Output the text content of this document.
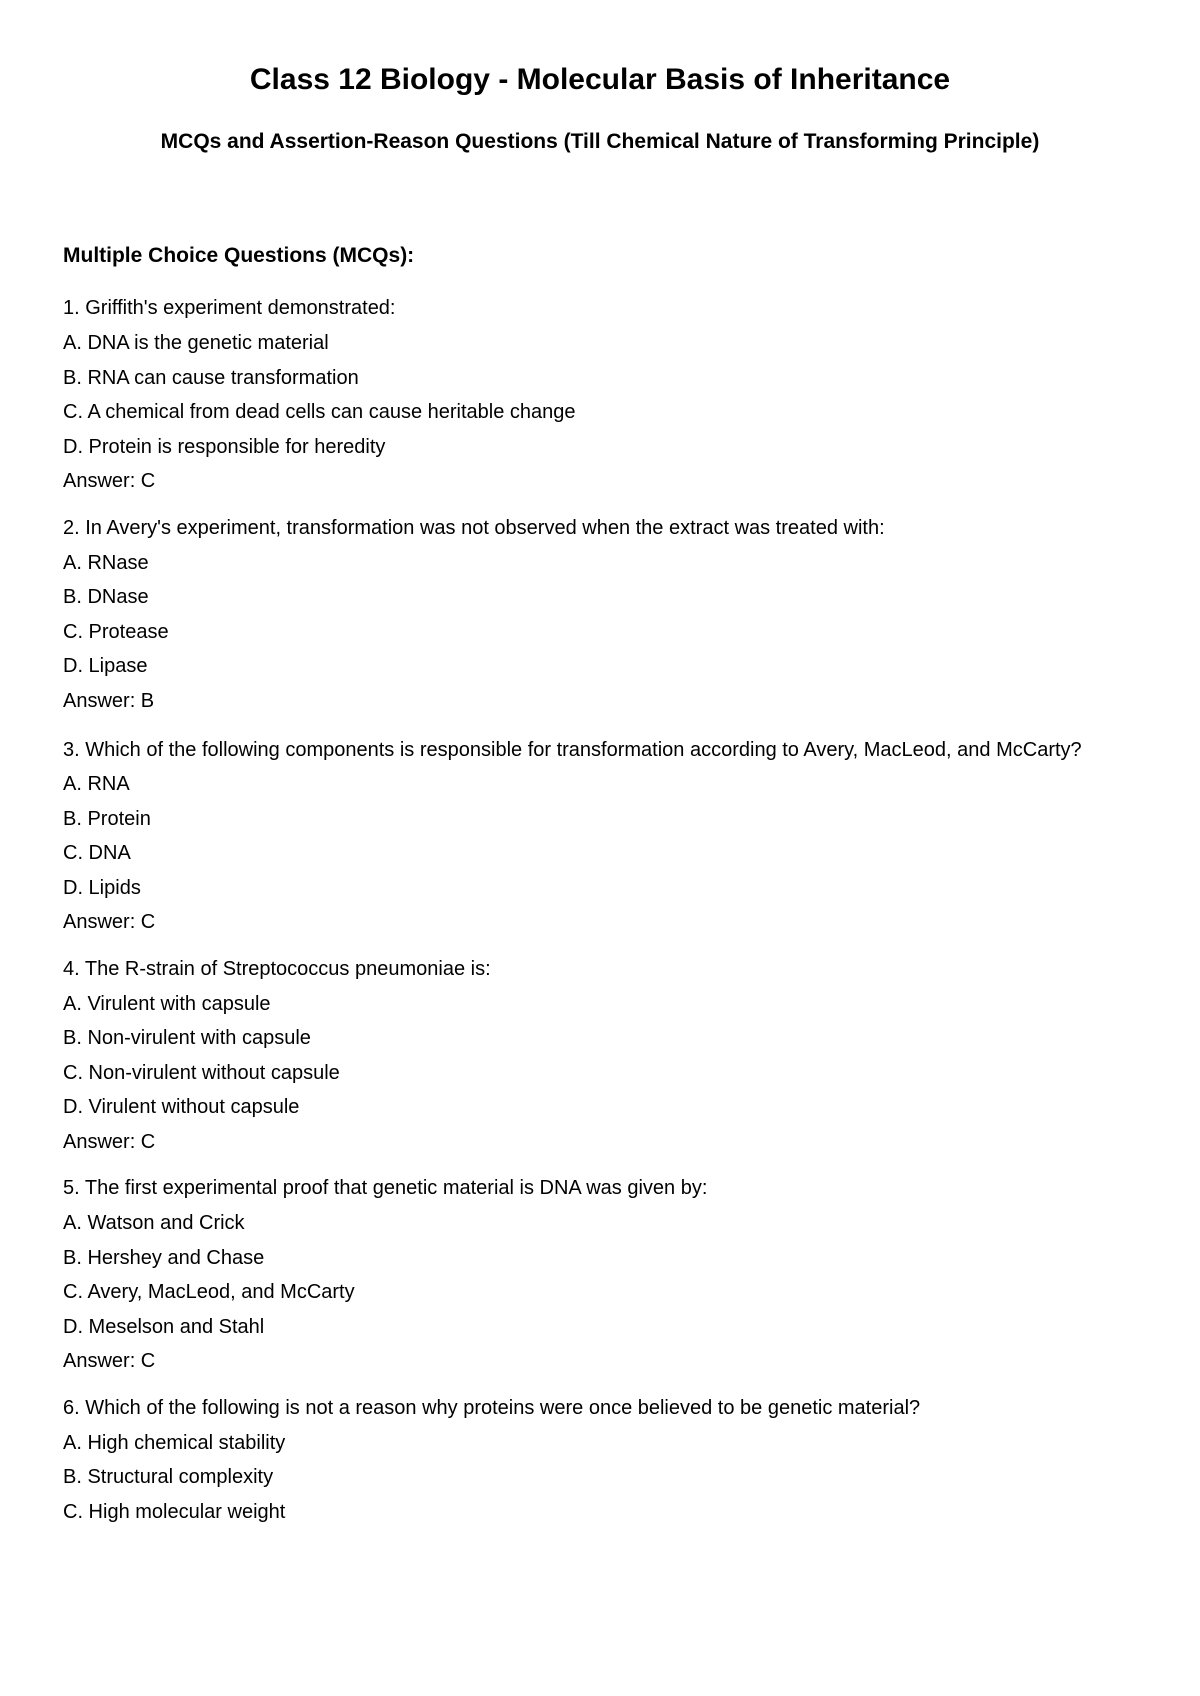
Class 12 Biology - Molecular Basis of Inheritance
MCQs and Assertion-Reason Questions (Till Chemical Nature of Transforming Principle)
Multiple Choice Questions (MCQs):

1. Griffith's experiment demonstrated:

A. DNA is the genetic material

B. RNA can cause transformation

C. A chemical from dead cells can cause heritable change

D. Protein is responsible for heredity

Answer: C

2. In Avery's experiment, transformation was not observed when the extract was treated with:

A. RNase

B. DNase

C. Protease

D. Lipase

Answer: B

3. Which of the following components is responsible for transformation according to Avery, MacLeod, and McCarty?

A. RNA

B. Protein

C. DNA

D. Lipids

Answer: C

4. The R-strain of Streptococcus pneumoniae is:

A. Virulent with capsule

B. Non-virulent with capsule

C. Non-virulent without capsule

D. Virulent without capsule

Answer: C

5. The first experimental proof that genetic material is DNA was given by:

A. Watson and Crick

B. Hershey and Chase

C. Avery, MacLeod, and McCarty

D. Meselson and Stahl

Answer: C

6. Which of the following is not a reason why proteins were once believed to be genetic material?

A. High chemical stability

B. Structural complexity

C. High molecular weight
